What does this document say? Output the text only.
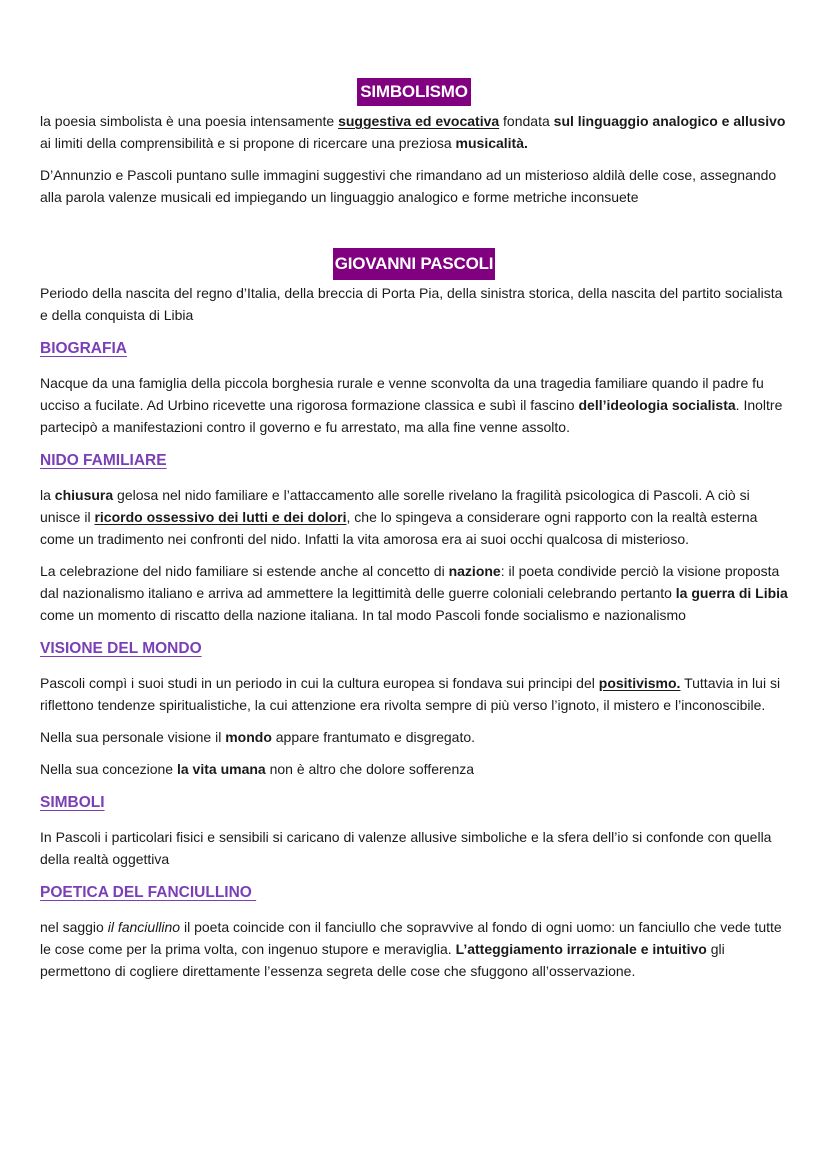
SIMBOLISMO

la poesia simbolista è una poesia intensamente suggestiva ed evocativa fondata sul linguaggio analogico e allusivo ai limiti della comprensibilità e si propone di ricercare una preziosa musicalità.

D’Annunzio e Pascoli puntano sulle immagini suggestivi che rimandano ad un misterioso aldilà delle cose, assegnando alla parola valenze musicali ed impiegando un linguaggio analogico e forme metriche inconsuete

GIOVANNI PASCOLI

Periodo della nascita del regno d’Italia, della breccia di Porta Pia, della sinistra storica, della nascita del partito socialista e della conquista di Libia

BIOGRAFIA

Nacque da una famiglia della piccola borghesia rurale e venne sconvolta da una tragedia familiare quando il padre fu ucciso a fucilate. Ad Urbino ricevette una rigorosa formazione classica e subì il fascino dell’ideologia socialista. Inoltre partecipò a manifestazioni contro il governo e fu arrestato, ma alla fine venne assolto.

NIDO FAMILIARE

la chiusura gelosa nel nido familiare e l’attaccamento alle sorelle rivelano la fragilità psicologica di Pascoli. A ciò si unisce il ricordo ossessivo dei lutti e dei dolori, che lo spingeva a considerare ogni rapporto con la realtà esterna come un tradimento nei confronti del nido. Infatti la vita amorosa era ai suoi occhi qualcosa di misterioso.

La celebrazione del nido familiare si estende anche al concetto di nazione: il poeta condivide perciò la visione proposta dal nazionalismo italiano e arriva ad ammettere la legittimità delle guerre coloniali celebrando pertanto la guerra di Libia come un momento di riscatto della nazione italiana. In tal modo Pascoli fonde socialismo e nazionalismo

VISIONE DEL MONDO

Pascoli compì i suoi studi in un periodo in cui la cultura europea si fondava sui principi del positivismo. Tuttavia in lui si riflettono tendenze spiritualistiche, la cui attenzione era rivolta sempre di più verso l’ignoto, il mistero e l’inconoscibile.

Nella sua personale visione il mondo appare frantumato e disgregato.

Nella sua concezione la vita umana non è altro che dolore sofferenza

SIMBOLI

In Pascoli i particolari fisici e sensibili si caricano di valenze allusive simboliche e la sfera dell’io si confonde con quella della realtà oggettiva

POETICA DEL FANCIULLINO

nel saggio il fanciullino il poeta coincide con il fanciullo che sopravvive al fondo di ogni uomo: un fanciullo che vede tutte le cose come per la prima volta, con ingenuo stupore e meraviglia. L’atteggiamento irrazionale e intuitivo gli permettono di cogliere direttamente l’essenza segreta delle cose che sfuggono all’osservazione.
